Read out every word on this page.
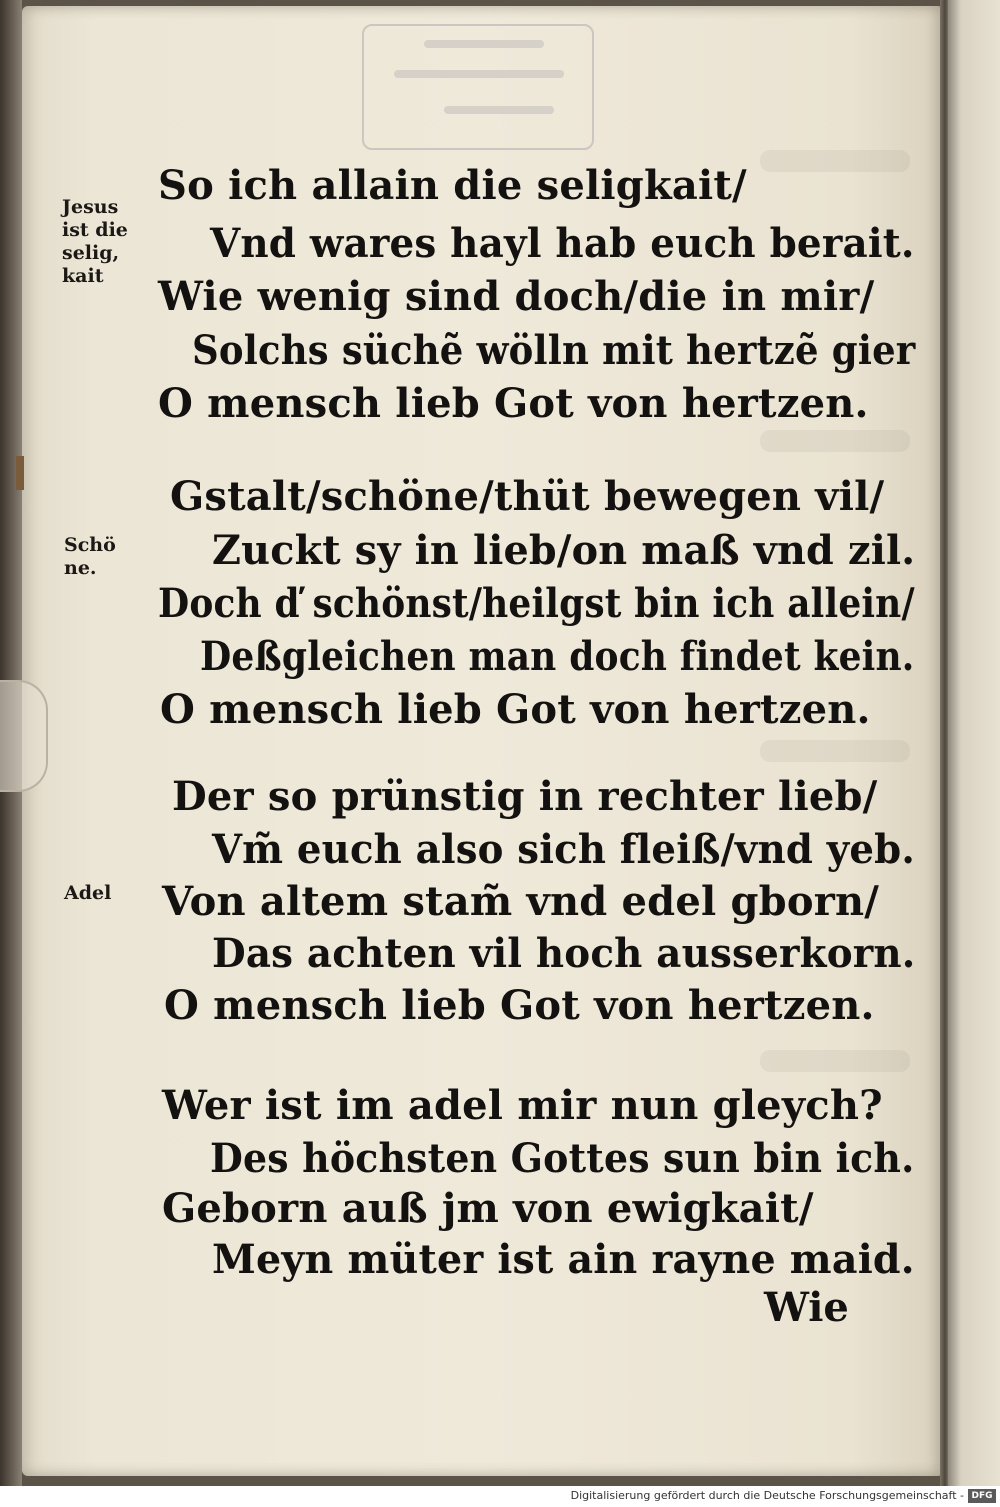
Jesus
ist die
selig,
kait
Schö
ne.
Adel
So ich allain die seligkait/
Vnd wares hayl hab euch berait.
Wie wenig sind doch/die in mir/
Solchs süchẽ wölln mit hertzẽ gier
O mensch lieb Got von hertzen.
Gstalt/schöne/thüt bewegen vil/
Zuckt sy in lieb/on maß vnd zil.
Doch ď schönst/heilgst bin ich allein/
Deßgleichen man doch findet kein.
O mensch lieb Got von hertzen.
Der so prünstig in rechter lieb/
Vm̃ euch also sich fleiß/vnd yeb.
Von altem stam̃ vnd edel gborn/
Das achten vil hoch ausserkorn.
O mensch lieb Got von hertzen.
Wer ist im adel mir nun gleych?
Des höchsten Gottes sun bin ich.
Geborn auß jm von ewigkait/
Meyn müter ist ain rayne maid.
Wie
Digitalisierung gefördert durch die Deutsche Forschungsgemeinschaft - DFG
